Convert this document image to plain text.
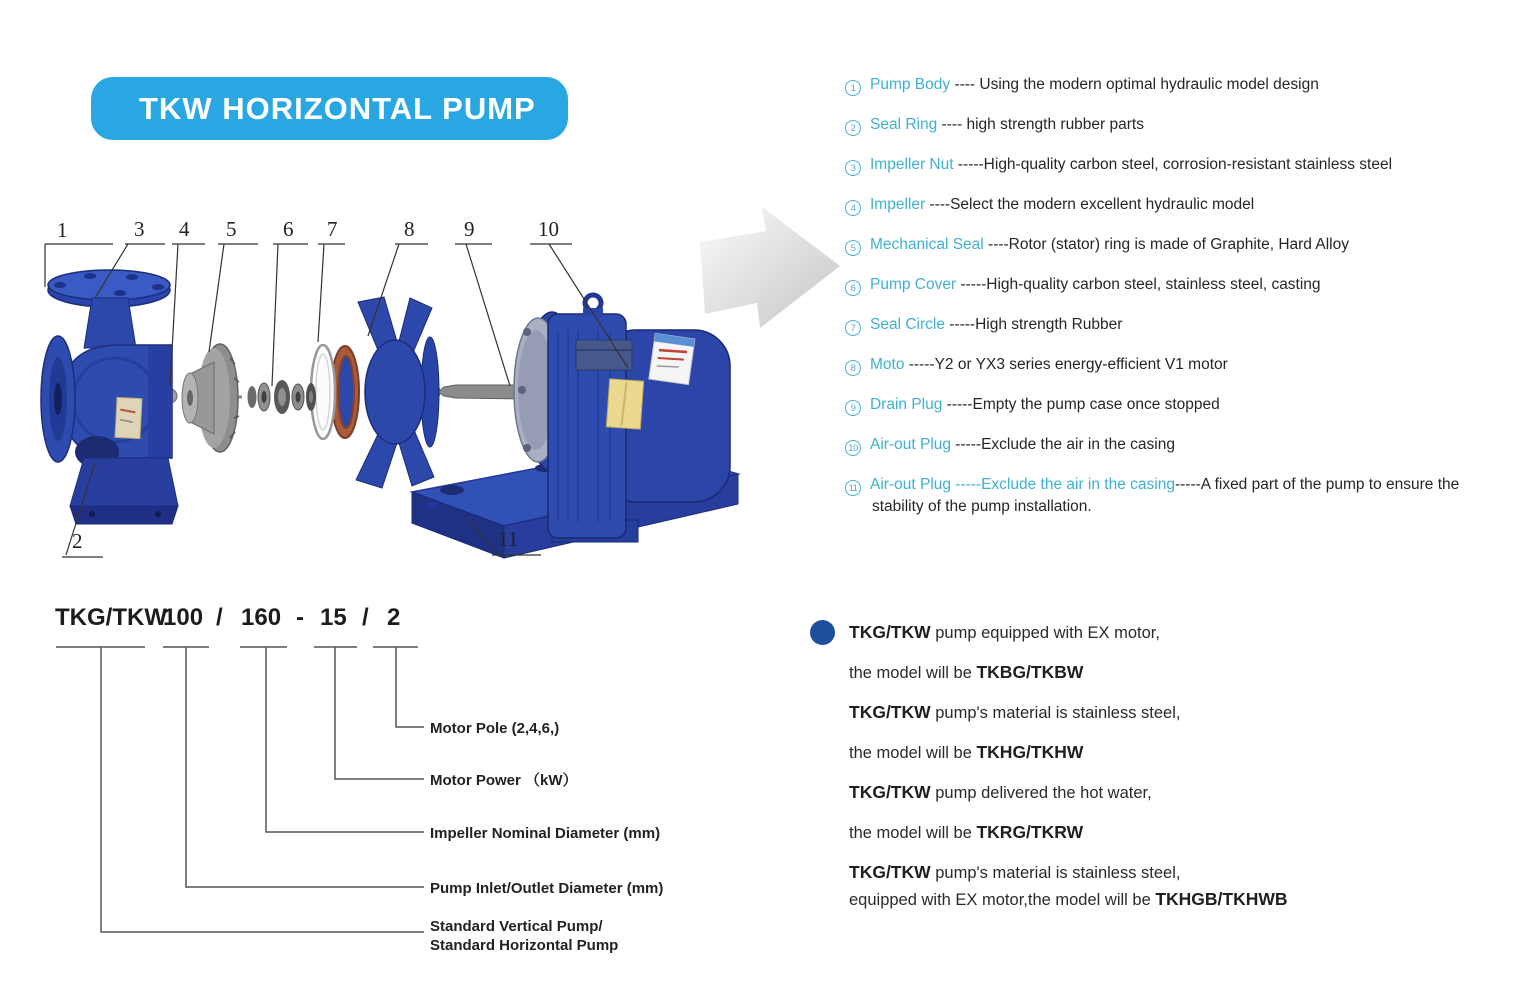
TKW HORIZONTAL PUMP
1
2
3 4 5 6 7	8 9	10
11
1 Pump Body ---- Using the modern optimal hydraulic model design
2 Seal Ring ---- high strength rubber parts
3 Impeller Nut -----High-quality carbon steel, corrosion-resistant stainless steel
4 Impeller ----Select the modern excellent hydraulic model
5 Mechanical Seal ----Rotor (stator) ring is made of Graphite, Hard Alloy
6 Pump Cover -----High-quality carbon steel, stainless steel, casting
7 Seal Circle -----High strength Rubber
8 Moto -----Y2 or YX3 series energy-efficient V1 motor
9 Drain Plug -----Empty the pump case once stopped
10 Air-out Plug -----Exclude the air in the casing
11 Air-out Plug -----Exclude the air in the casing-----A fixed part of the pump to ensure the stability of the pump installation.
TKG/TKW
100 / 160 - 15 / 2
Motor Pole (2,4,6,)
Motor Power （kW）
Impeller Nominal Diameter (mm)
Pump Inlet/Outlet Diameter (mm)
Standard Vertical Pump/
Standard Horizontal Pump
TKG/TKW pump equipped with EX motor,
the model will be TKBG/TKBW
TKG/TKW pump's material is stainless steel,
the model will be TKHG/TKHW
TKG/TKW pump delivered the hot water,
the model will be TKRG/TKRW
TKG/TKW pump's material is stainless steel,
equipped with EX motor,the model will be TKHGB/TKHWB
